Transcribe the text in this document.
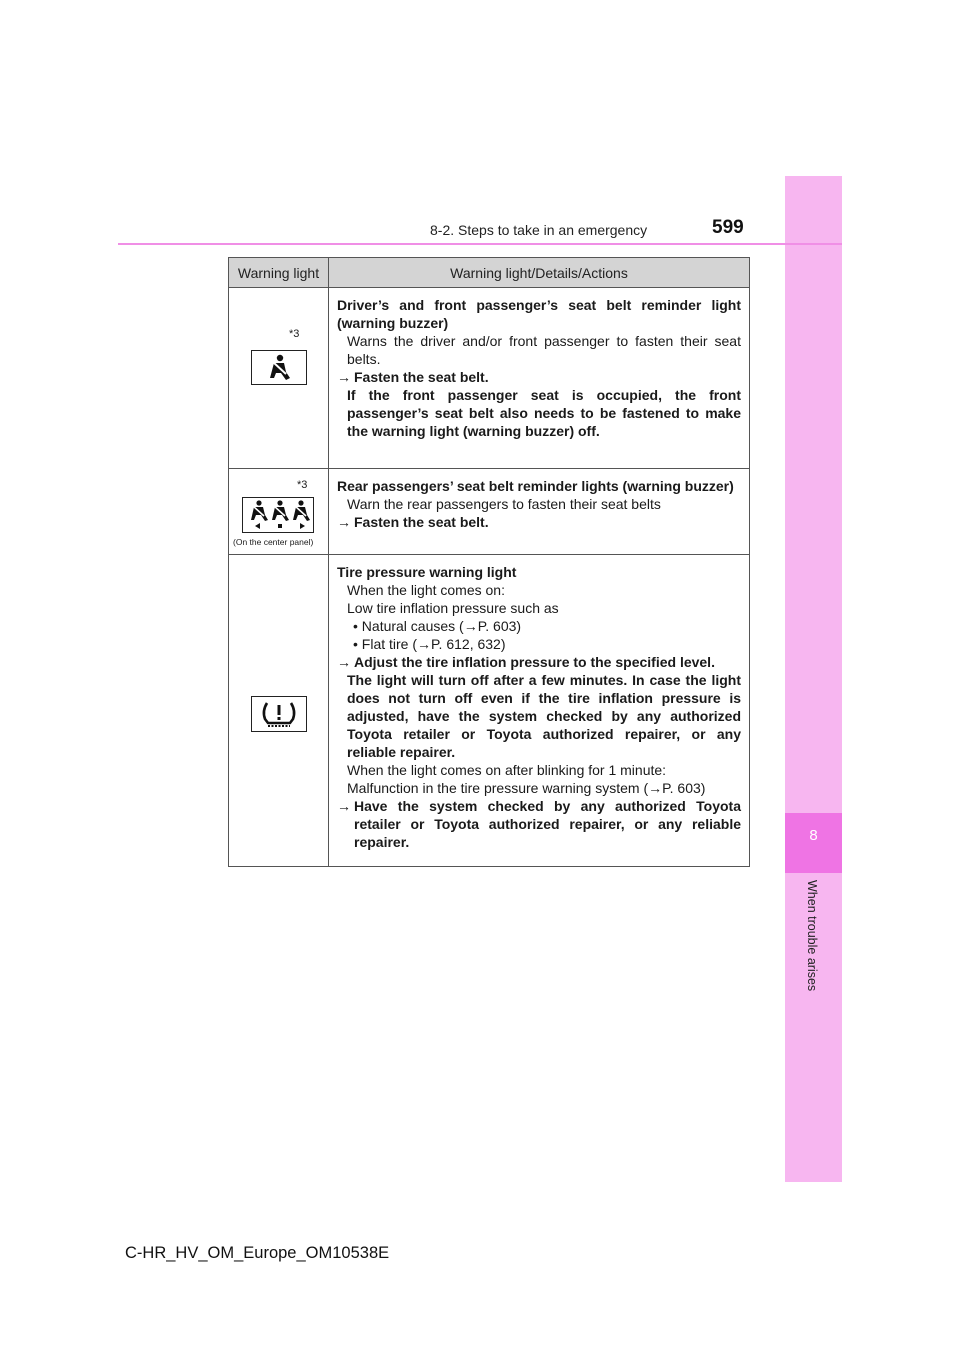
8
When trouble arises
8-2. Steps to take in an emergency	599
Warning light	Warning light/Details/Actions
*3
Driver’s and front passenger’s seat belt reminder light (warning buzzer)
Warns the driver and/or front passenger to fasten their seat belts.
→ Fasten the seat belt.
If the front passenger seat is occupied, the front passenger’s seat belt also needs to be fastened to make the warning light (warning buzzer) off.
*3
(On the center panel)
Rear passengers’ seat belt reminder lights (warning buzzer)
Warn the rear passengers to fasten their seat belts
→ Fasten the seat belt.
Tire pressure warning light
When the light comes on:
Low tire inflation pressure such as
• Natural causes (→P. 603)
• Flat tire (→P. 612, 632)
→ Adjust the tire inflation pressure to the specified level.
The light will turn off after a few minutes. In case the light does not turn off even if the tire inflation pressure is adjusted, have the system checked by any authorized Toyota retailer or Toyota authorized repairer, or any reliable repairer.
When the light comes on after blinking for 1 minute:
Malfunction in the tire pressure warning system (→P. 603)
→ Have the system checked by any authorized Toyota retailer or Toyota authorized repairer, or any reliable repairer.
C-HR_HV_OM_Europe_OM10538E
